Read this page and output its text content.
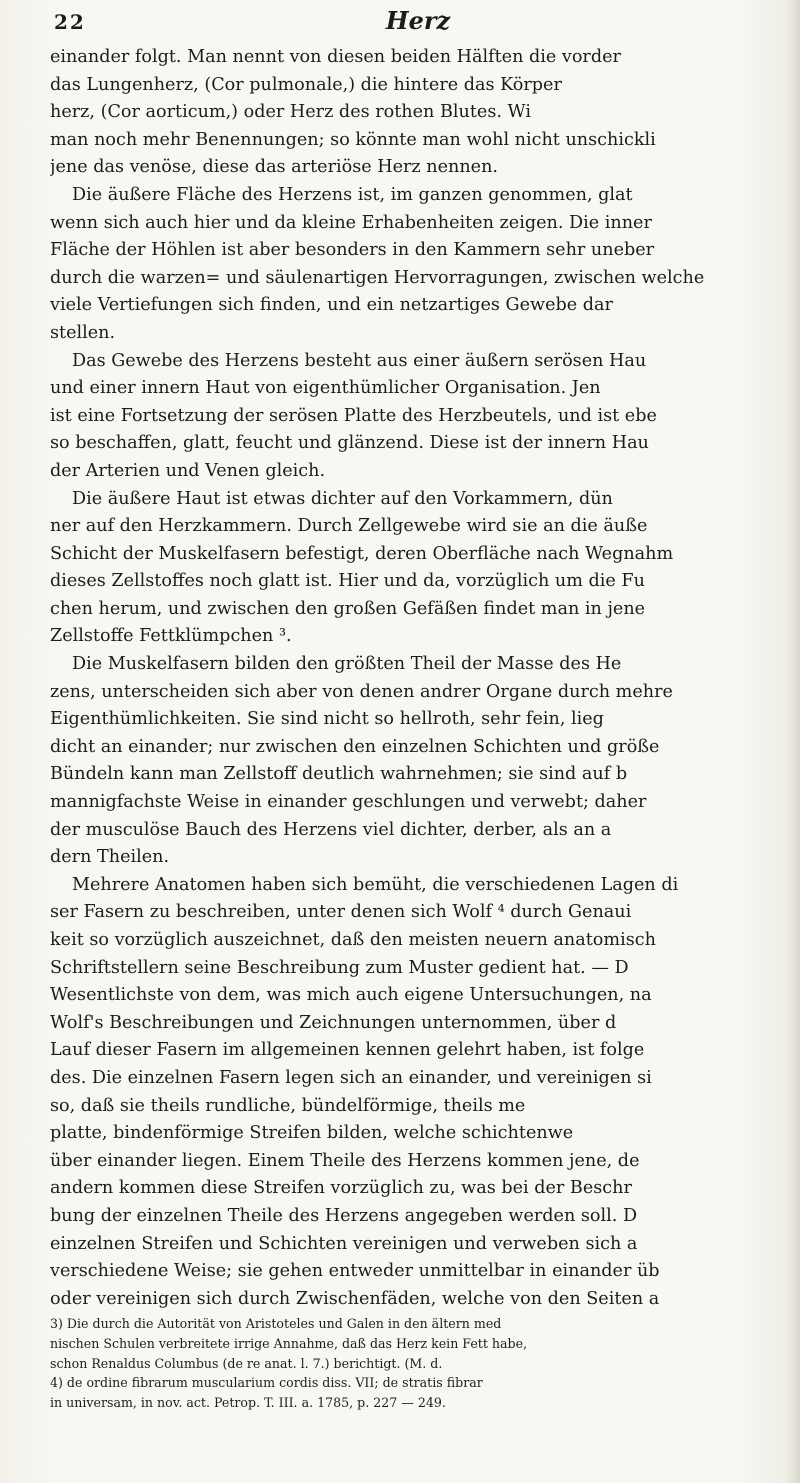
22	Herz
einander folgt. Man nennt von diesen beiden Hälften die vorder
das Lungenherz, (Cor pulmonale,) die hintere das Körper
herz, (Cor aorticum,) oder Herz des rothen Blutes. Wi
man noch mehr Benennungen; so könnte man wohl nicht unschickli
jene das venöse, diese das arteriöse Herz nennen.
Die äußere Fläche des Herzens ist, im ganzen genommen, glat
wenn sich auch hier und da kleine Erhabenheiten zeigen. Die inner
Fläche der Höhlen ist aber besonders in den Kammern sehr uneber
durch die warzen= und säulenartigen Hervorragungen, zwischen welche
viele Vertiefungen sich finden, und ein netzartiges Gewebe dar
stellen.
Das Gewebe des Herzens besteht aus einer äußern serösen Hau
und einer innern Haut von eigenthümlicher Organisation. Jen
ist eine Fortsetzung der serösen Platte des Herzbeutels, und ist ebe
so beschaffen, glatt, feucht und glänzend. Diese ist der innern Hau
der Arterien und Venen gleich.
Die äußere Haut ist etwas dichter auf den Vorkammern, dün
ner auf den Herzkammern. Durch Zellgewebe wird sie an die äuße
Schicht der Muskelfasern befestigt, deren Oberfläche nach Wegnahm
dieses Zellstoffes noch glatt ist. Hier und da, vorzüglich um die Fu
chen herum, und zwischen den großen Gefäßen findet man in jene
Zellstoffe Fettklümpchen ³.
Die Muskelfasern bilden den größten Theil der Masse des He
zens, unterscheiden sich aber von denen andrer Organe durch mehre
Eigenthümlichkeiten. Sie sind nicht so hellroth, sehr fein, lieg
dicht an einander; nur zwischen den einzelnen Schichten und größe
Bündeln kann man Zellstoff deutlich wahrnehmen; sie sind auf b
mannigfachste Weise in einander geschlungen und verwebt; daher
der musculöse Bauch des Herzens viel dichter, derber, als an a
dern Theilen.
Mehrere Anatomen haben sich bemüht, die verschiedenen Lagen di
ser Fasern zu beschreiben, unter denen sich Wolf ⁴ durch Genaui
keit so vorzüglich auszeichnet, daß den meisten neuern anatomisch
Schriftstellern seine Beschreibung zum Muster gedient hat. — D
Wesentlichste von dem, was mich auch eigene Untersuchungen, na
Wolf's Beschreibungen und Zeichnungen unternommen, über d
Lauf dieser Fasern im allgemeinen kennen gelehrt haben, ist folge
des. Die einzelnen Fasern legen sich an einander, und vereinigen si
so, daß sie theils rundliche, bündelförmige, theils me
platte, bindenförmige Streifen bilden, welche schichtenwe
über einander liegen. Einem Theile des Herzens kommen jene, de
andern kommen diese Streifen vorzüglich zu, was bei der Beschr
bung der einzelnen Theile des Herzens angegeben werden soll. D
einzelnen Streifen und Schichten vereinigen und verweben sich a
verschiedene Weise; sie gehen entweder unmittelbar in einander üb
oder vereinigen sich durch Zwischenfäden, welche von den Seiten a
3) Die durch die Autorität von Aristoteles und Galen in den ältern med
nischen Schulen verbreitete irrige Annahme, daß das Herz kein Fett habe,
schon Renaldus Columbus (de re anat. l. 7.) berichtigt. (M. d.
4) de ordine fibrarum muscularium cordis diss. VII; de stratis fibrar
in universam, in nov. act. Petrop. T. III. a. 1785, p. 227 — 249.
